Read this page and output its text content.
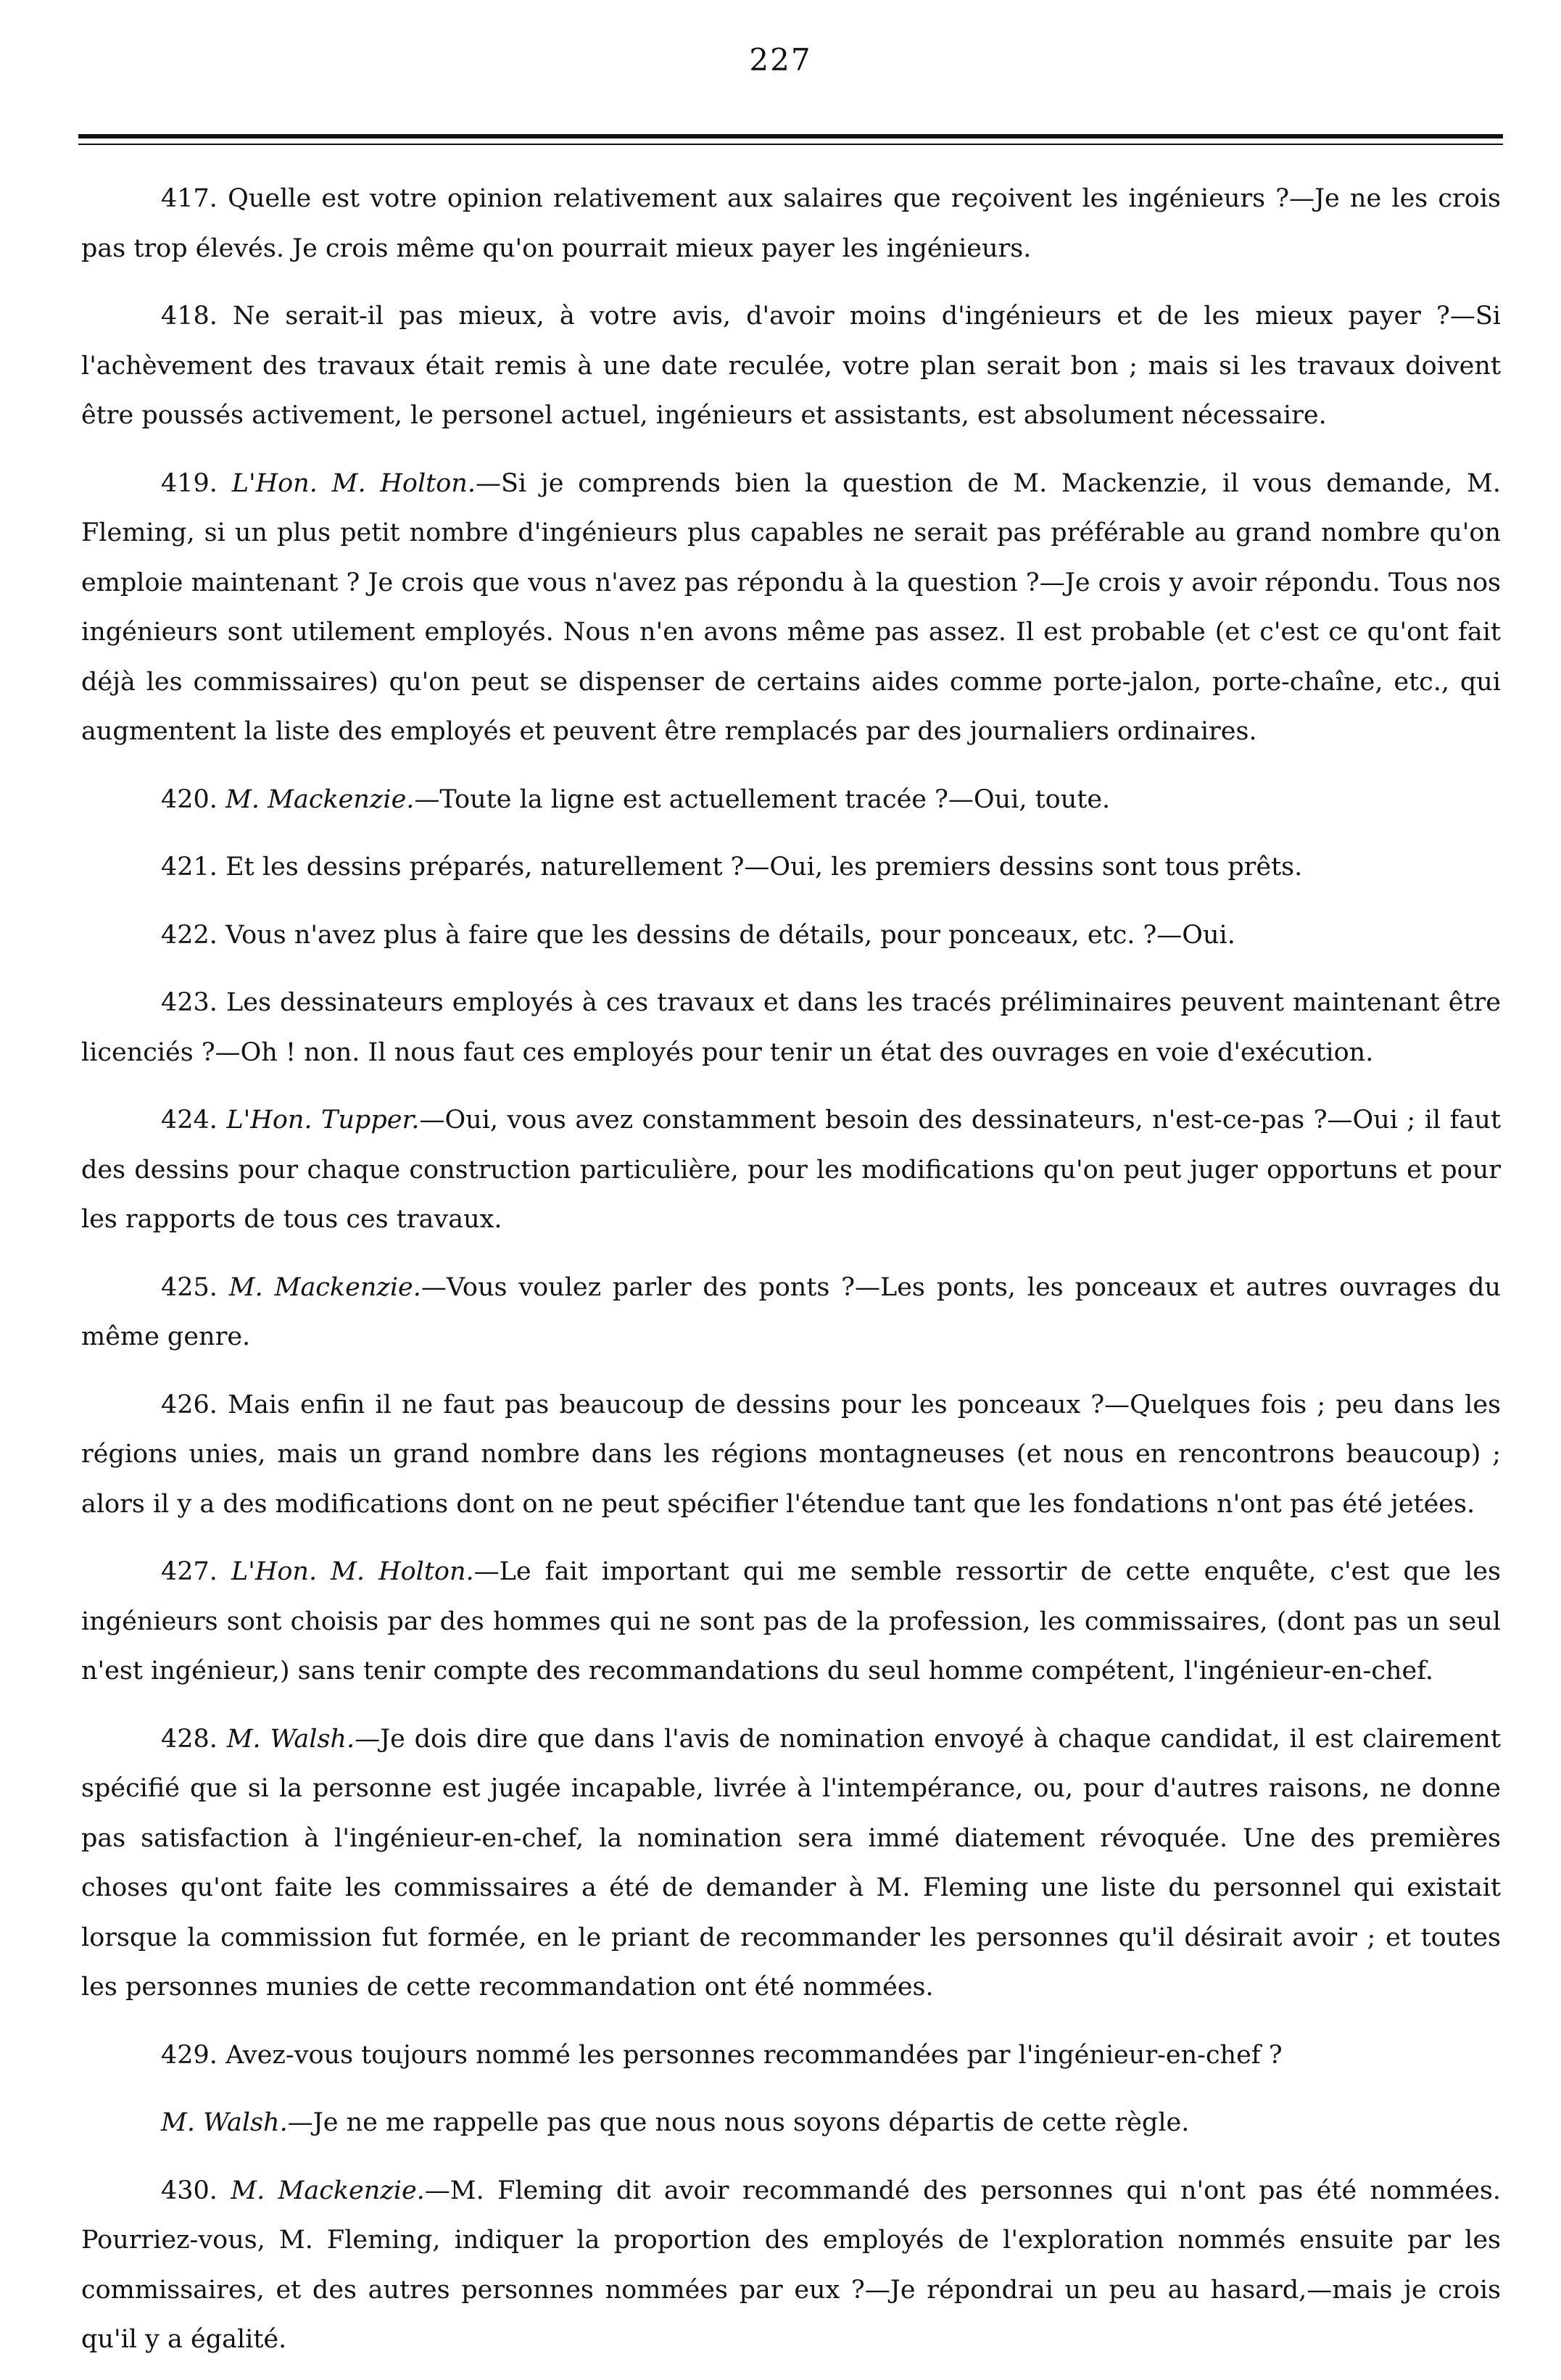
227

417. Quelle est votre opinion relativement aux salaires que reçoivent les ingénieurs ?—Je ne les crois pas trop élevés. Je crois même qu'on pourrait mieux payer les ingénieurs.

418. Ne serait-il pas mieux, à votre avis, d'avoir moins d'ingénieurs et de les mieux payer ?—Si l'achèvement des travaux était remis à une date reculée, votre plan serait bon ; mais si les travaux doivent être poussés activement, le personel actuel, ingénieurs et assistants, est absolument nécessaire.

419. L'Hon. M. Holton.—Si je comprends bien la question de M. Mackenzie, il vous demande, M. Fleming, si un plus petit nombre d'ingénieurs plus capables ne serait pas préférable au grand nombre qu'on emploie maintenant ? Je crois que vous n'avez pas répondu à la question ?—Je crois y avoir répondu. Tous nos ingénieurs sont utilement employés. Nous n'en avons même pas assez. Il est probable (et c'est ce qu'ont fait déjà les commissaires) qu'on peut se dispenser de certains aides comme porte-jalon, porte-chaîne, etc., qui augmentent la liste des employés et peuvent être remplacés par des journaliers ordinaires.

420. M. Mackenzie.—Toute la ligne est actuellement tracée ?—Oui, toute.

421. Et les dessins préparés, naturellement ?—Oui, les premiers dessins sont tous prêts.

422. Vous n'avez plus à faire que les dessins de détails, pour ponceaux, etc. ?—Oui.

423. Les dessinateurs employés à ces travaux et dans les tracés préliminaires peuvent maintenant être licenciés ?—Oh ! non. Il nous faut ces employés pour tenir un état des ouvrages en voie d'exécution.

424. L'Hon. Tupper.—Oui, vous avez constamment besoin des dessinateurs, n'est-ce-pas ?—Oui ; il faut des dessins pour chaque construction particulière, pour les modifications qu'on peut juger opportuns et pour les rapports de tous ces travaux.

425. M. Mackenzie.—Vous voulez parler des ponts ?—Les ponts, les ponceaux et autres ouvrages du même genre.

426. Mais enfin il ne faut pas beaucoup de dessins pour les ponceaux ?—Quelques fois ; peu dans les régions unies, mais un grand nombre dans les régions montagneuses (et nous en rencontrons beaucoup) ; alors il y a des modifications dont on ne peut spécifier l'étendue tant que les fondations n'ont pas été jetées.

427. L'Hon. M. Holton.—Le fait important qui me semble ressortir de cette enquête, c'est que les ingénieurs sont choisis par des hommes qui ne sont pas de la profession, les commissaires, (dont pas un seul n'est ingénieur,) sans tenir compte des recommandations du seul homme compétent, l'ingénieur-en-chef.

428. M. Walsh.—Je dois dire que dans l'avis de nomination envoyé à chaque candidat, il est clairement spécifié que si la personne est jugée incapable, livrée à l'intempérance, ou, pour d'autres raisons, ne donne pas satisfaction à l'ingénieur-en-chef, la nomination sera immé diatement révoquée. Une des premières choses qu'ont faite les commissaires a été de demander à M. Fleming une liste du personnel qui existait lorsque la commission fut formée, en le priant de recommander les personnes qu'il désirait avoir ; et toutes les personnes munies de cette recommandation ont été nommées.

429. Avez-vous toujours nommé les personnes recommandées par l'ingénieur-en-chef ?

M. Walsh.—Je ne me rappelle pas que nous nous soyons départis de cette règle.

430. M. Mackenzie.—M. Fleming dit avoir recommandé des personnes qui n'ont pas été nommées. Pourriez-vous, M. Fleming, indiquer la proportion des employés de l'exploration nommés ensuite par les commissaires, et des autres personnes nommées par eux ?—Je répondrai un peu au hasard,—mais je crois qu'il y a égalité.
